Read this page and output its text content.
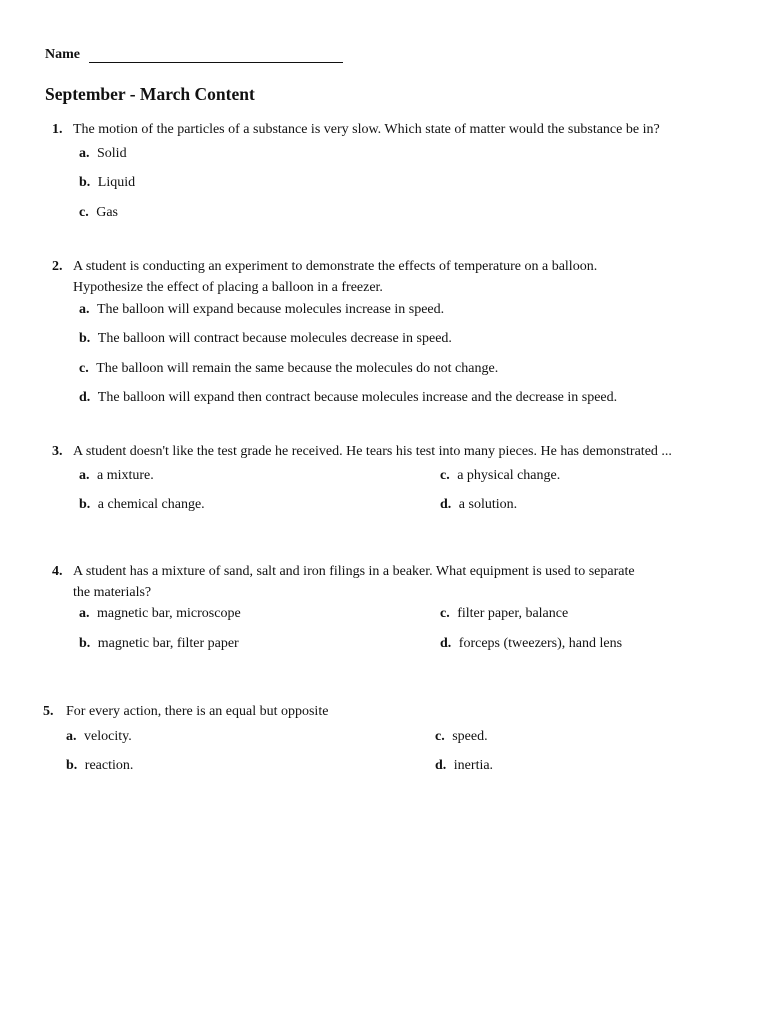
Name
September - March Content
1. The motion of the particles of a substance is very slow. Which state of matter would the substance be in?
a. Solid
b. Liquid
c. Gas
2. A student is conducting an experiment to demonstrate the effects of temperature on a balloon.
Hypothesize the effect of placing a balloon in a freezer.
a. The balloon will expand because molecules increase in speed.
b. The balloon will contract because molecules decrease in speed.
c. The balloon will remain the same because the molecules do not change.
d. The balloon will expand then contract because molecules increase and the decrease in speed.
3. A student doesn't like the test grade he received. He tears his test into many pieces. He has demonstrated ...
a. a mixture.	c. a physical change.
b. a chemical change.	d. a solution.
4. A student has a mixture of sand, salt and iron filings in a beaker. What equipment is used to separate
the materials?
a. magnetic bar, microscope	c. filter paper, balance
b. magnetic bar, filter paper	d. forceps (tweezers), hand lens
5. For every action, there is an equal but opposite
a. velocity.	c. speed.
b. reaction.	d. inertia.
